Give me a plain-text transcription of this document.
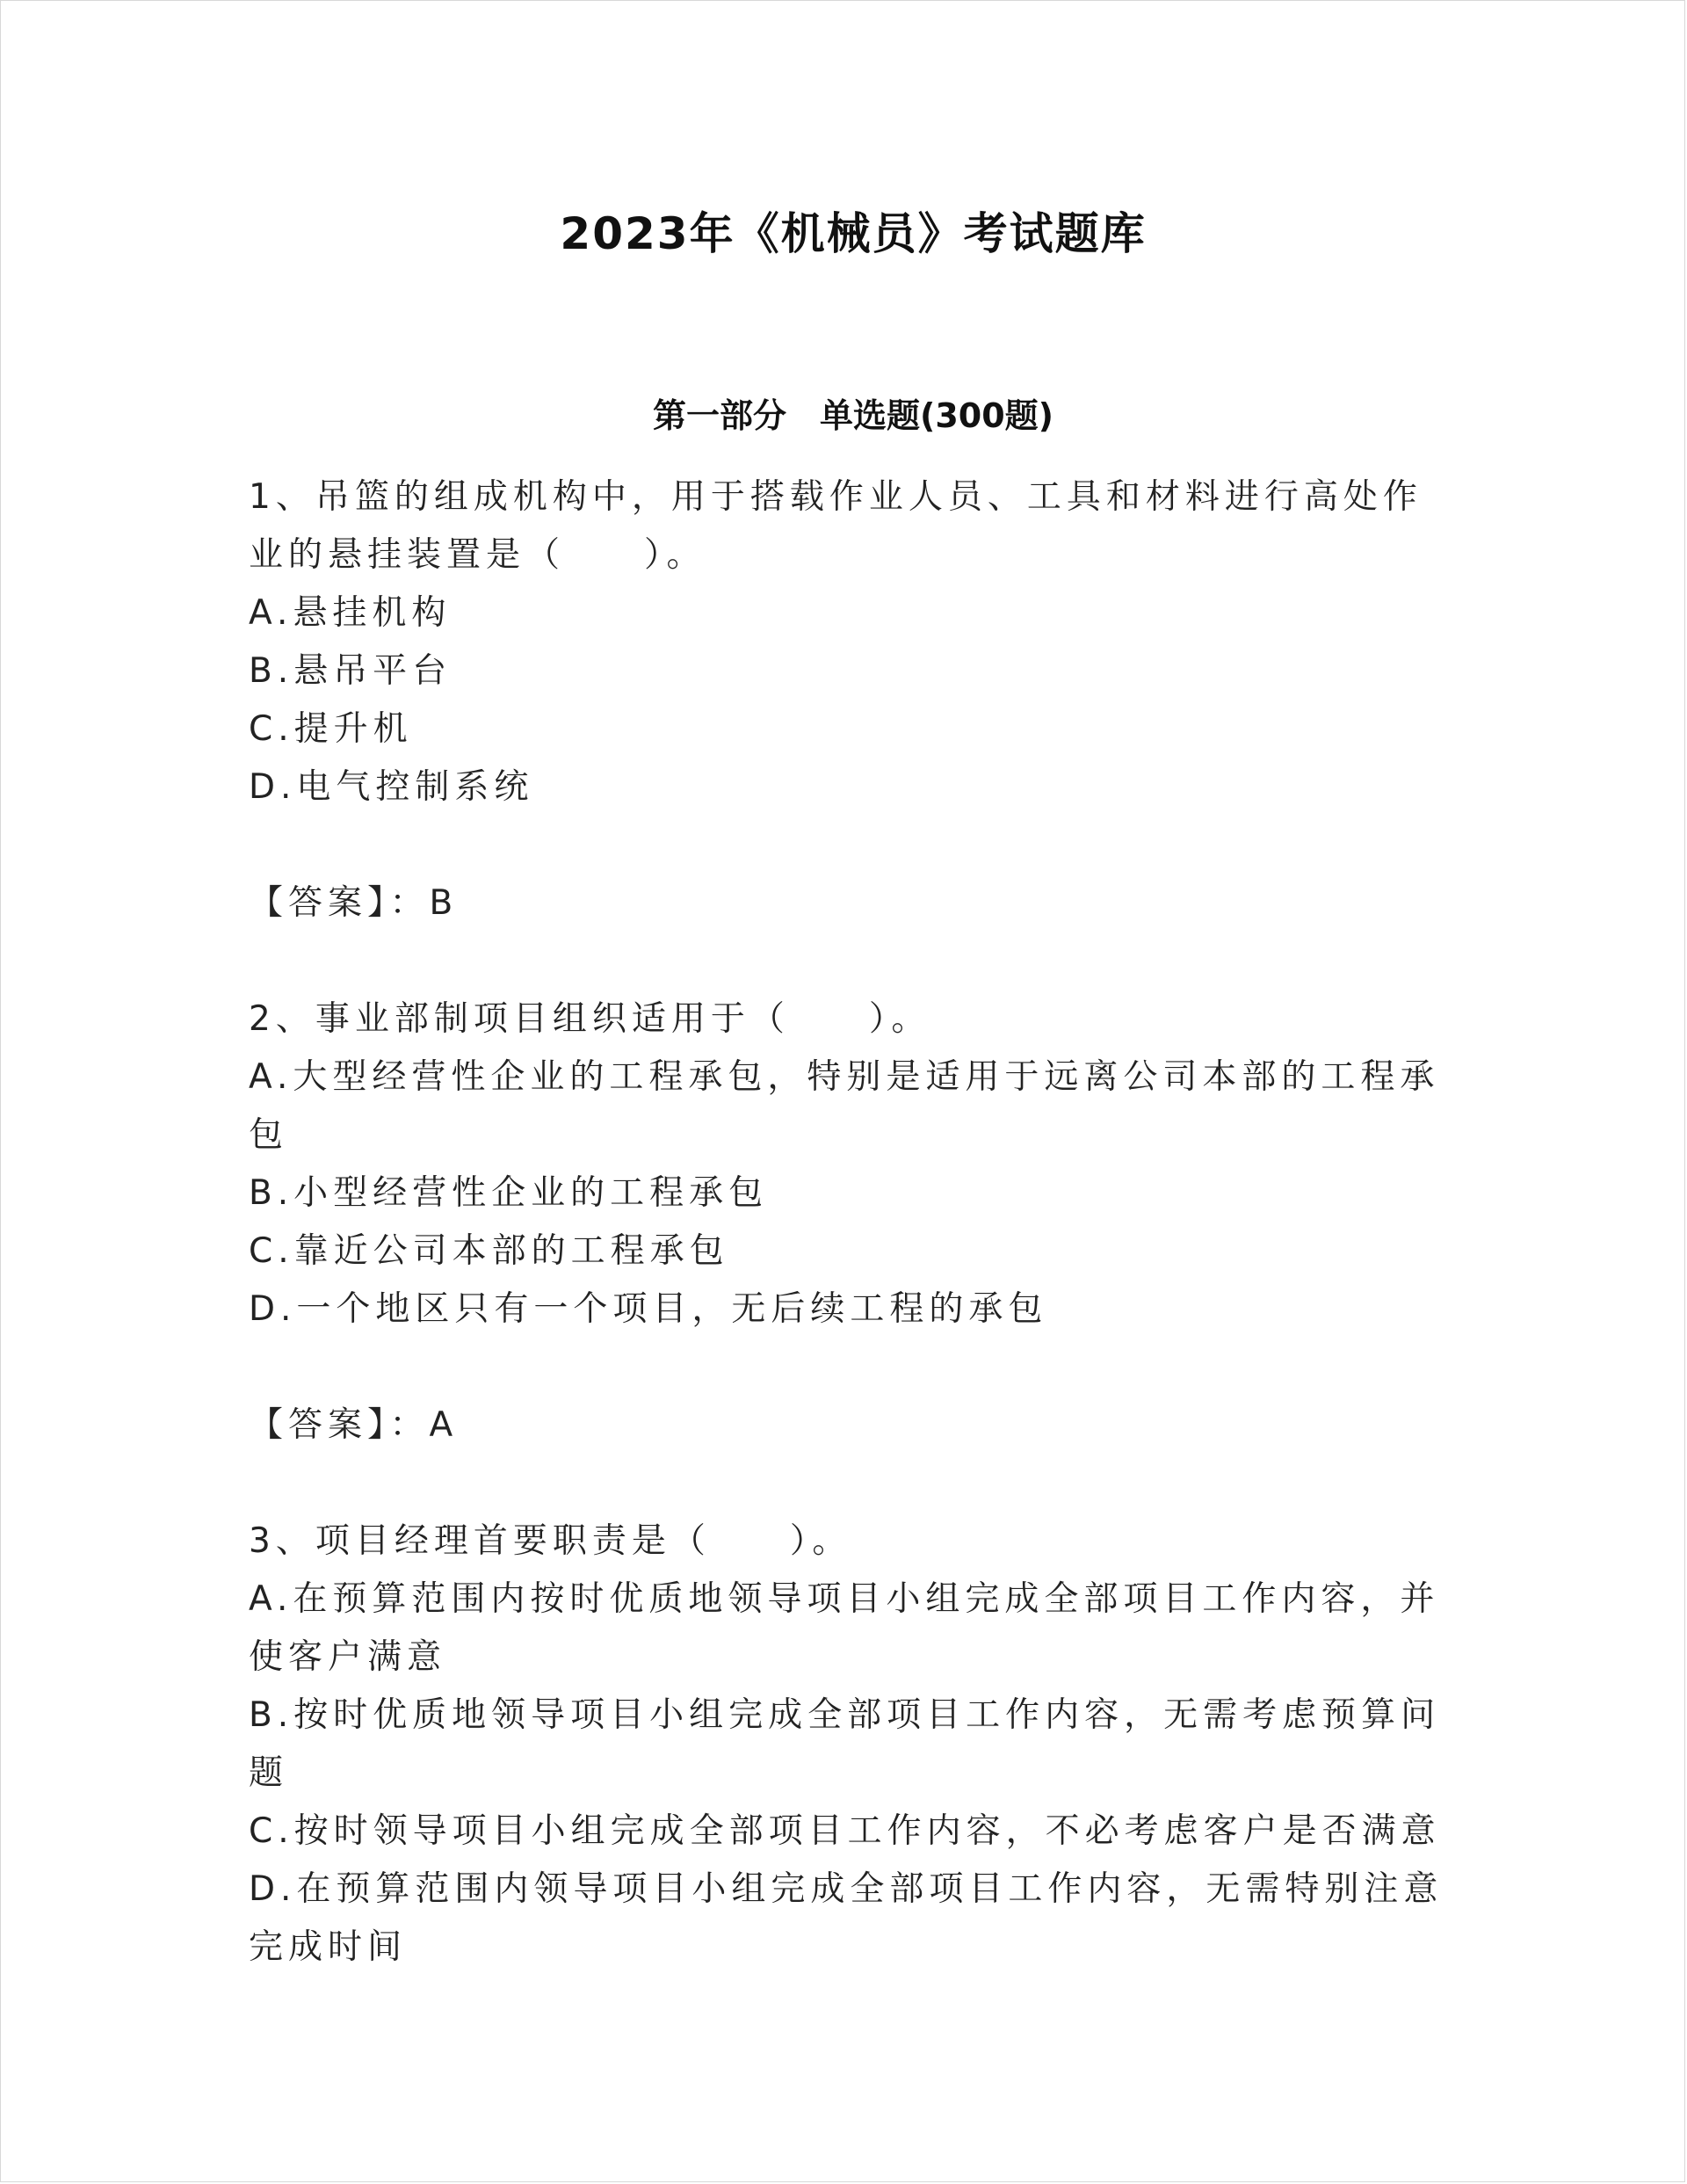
2023年《机械员》考试题库
第一部分　单选题(300题)
1、吊篮的组成机构中，用于搭载作业人员、工具和材料进行高处作业的悬挂装置是（　　）。
A.悬挂机构
B.悬吊平台
C.提升机
D.电气控制系统
【答案】：B
2、事业部制项目组织适用于（　　）。
A.大型经营性企业的工程承包，特别是适用于远离公司本部的工程承包
B.小型经营性企业的工程承包
C.靠近公司本部的工程承包
D.一个地区只有一个项目，无后续工程的承包
【答案】：A
3、项目经理首要职责是（　　）。
A.在预算范围内按时优质地领导项目小组完成全部项目工作内容，并使客户满意
B.按时优质地领导项目小组完成全部项目工作内容，无需考虑预算问题
C.按时领导项目小组完成全部项目工作内容，不必考虑客户是否满意
D.在预算范围内领导项目小组完成全部项目工作内容，无需特别注意完成时间
